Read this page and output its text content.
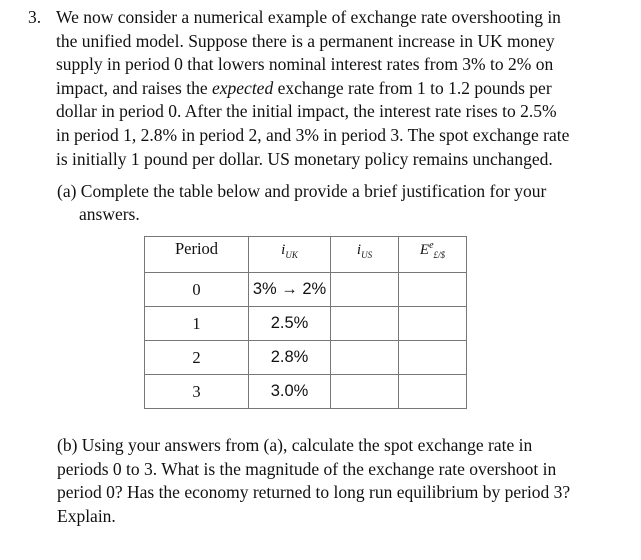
3. We now consider a numerical example of exchange rate overshooting in
the unified model. Suppose there is a permanent increase in UK money
supply in period 0 that lowers nominal interest rates from 3% to 2% on
impact, and raises the expected exchange rate from 1 to 1.2 pounds per
dollar in period 0. After the initial impact, the interest rate rises to 2.5%
in period 1, 2.8% in period 2, and 3% in period 3. The spot exchange rate
is initially 1 pound per dollar. US monetary policy remains unchanged.
(a) Complete the table below and provide a brief justification for your
answers.
Period	$i_{UK}$	$i_{US}$	$E^e_{£/\$}$
0	3% → 2%		
1	2.5%		
2	2.8%		
3	3.0%		
(b) Using your answers from (a), calculate the spot exchange rate in
periods 0 to 3. What is the magnitude of the exchange rate overshoot in
period 0? Has the economy returned to long run equilibrium by period 3?
Explain.
